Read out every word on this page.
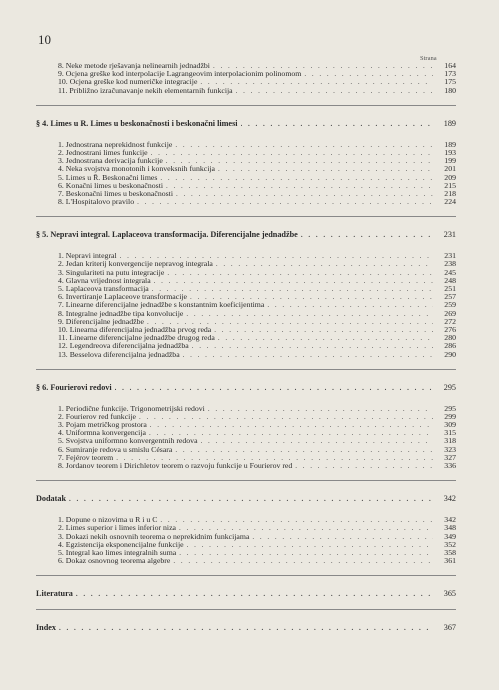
10
Strana
8. Neke metode rješavanja nelinearnih jednadžbi . . .	164
9. Ocjena greške kod interpolacije Lagrangeovim interpolacionim polinomom . . .	173
10. Ocjena greške kod numeričke integracije . . .	175
11. Približno izračunavanje nekih elementarnih funkcija . . .	180
§ 4. Limes u R. Limes u beskonačnosti i beskonačni limesi . . .	189
1. Jednostrana neprekidnost funkcije . . .	189
2. Jednostrani limes funkcije . . .	193
3. Jednostrana derivacija funkcije . . .	199
4. Neka svojstva monotonih i konveksnih funkcija . . .	201
5. Limes u R̄. Beskonačni limes . . .	209
6. Konačni limes u beskonačnosti . . .	215
7. Beskonačni limes u beskonačnosti . . .	218
8. L'Hospitalovo pravilo . . .	224
§ 5. Nepravi integral. Laplaceova transformacija. Diferencijalne jednadžbe . . .	231
1. Nepravi integral . . .	231
2. Jedan kriterij konvergencije nepravog integrala . . .	238
3. Singulariteti na putu integracije . . .	245
4. Glavna vrijednost integrala . . .	248
5. Laplaceova transformacija . . .	251
6. Invertiranje Laplaceove transformacije . . .	257
7. Linearne diferencijalne jednadžbe s konstantnim koeficijentima . . .	259
8. Integralne jednadžbe tipa konvolucije . . .	269
9. Diferencijalne jednadžbe . . .	272
10. Linearna diferencijalna jednadžba prvog reda . . .	276
11. Linearne diferencijalne jednadžbe drugog reda . . .	280
12. Legendreova diferencijalna jednadžba . . .	286
13. Besselova diferencijalna jednadžba . . .	290
§ 6. Fourierovi redovi . . .	295
1. Periodične funkcije. Trigonometrijski redovi . . .	295
2. Fourierov red funkcije . . .	299
3. Pojam metričkog prostora . . .	309
4. Uniformna konvergencija . . .	315
5. Svojstva uniformno konvergentnih redova . . .	318
6. Sumiranje redova u smislu Césara . . .	323
7. Fejérov teorem . . .	327
8. Jordanov teorem i Dirichletov teorem o razvoju funkcije u Fourierov red . . .	336
Dodatak . . .	342
1. Dopune o nizovima u R i u C . . .	342
2. Limes superior i limes inferior niza . . .	348
3. Dokazi nekih osnovnih teorema o neprekidnim funkcijama . . .	349
4. Egzistencija eksponencijalne funkcije . . .	352
5. Integral kao limes integralnih suma . . .	358
6. Dokaz osnovnog teorema algebre . . .	361
Literatura . . .	365
Index . . .	367
